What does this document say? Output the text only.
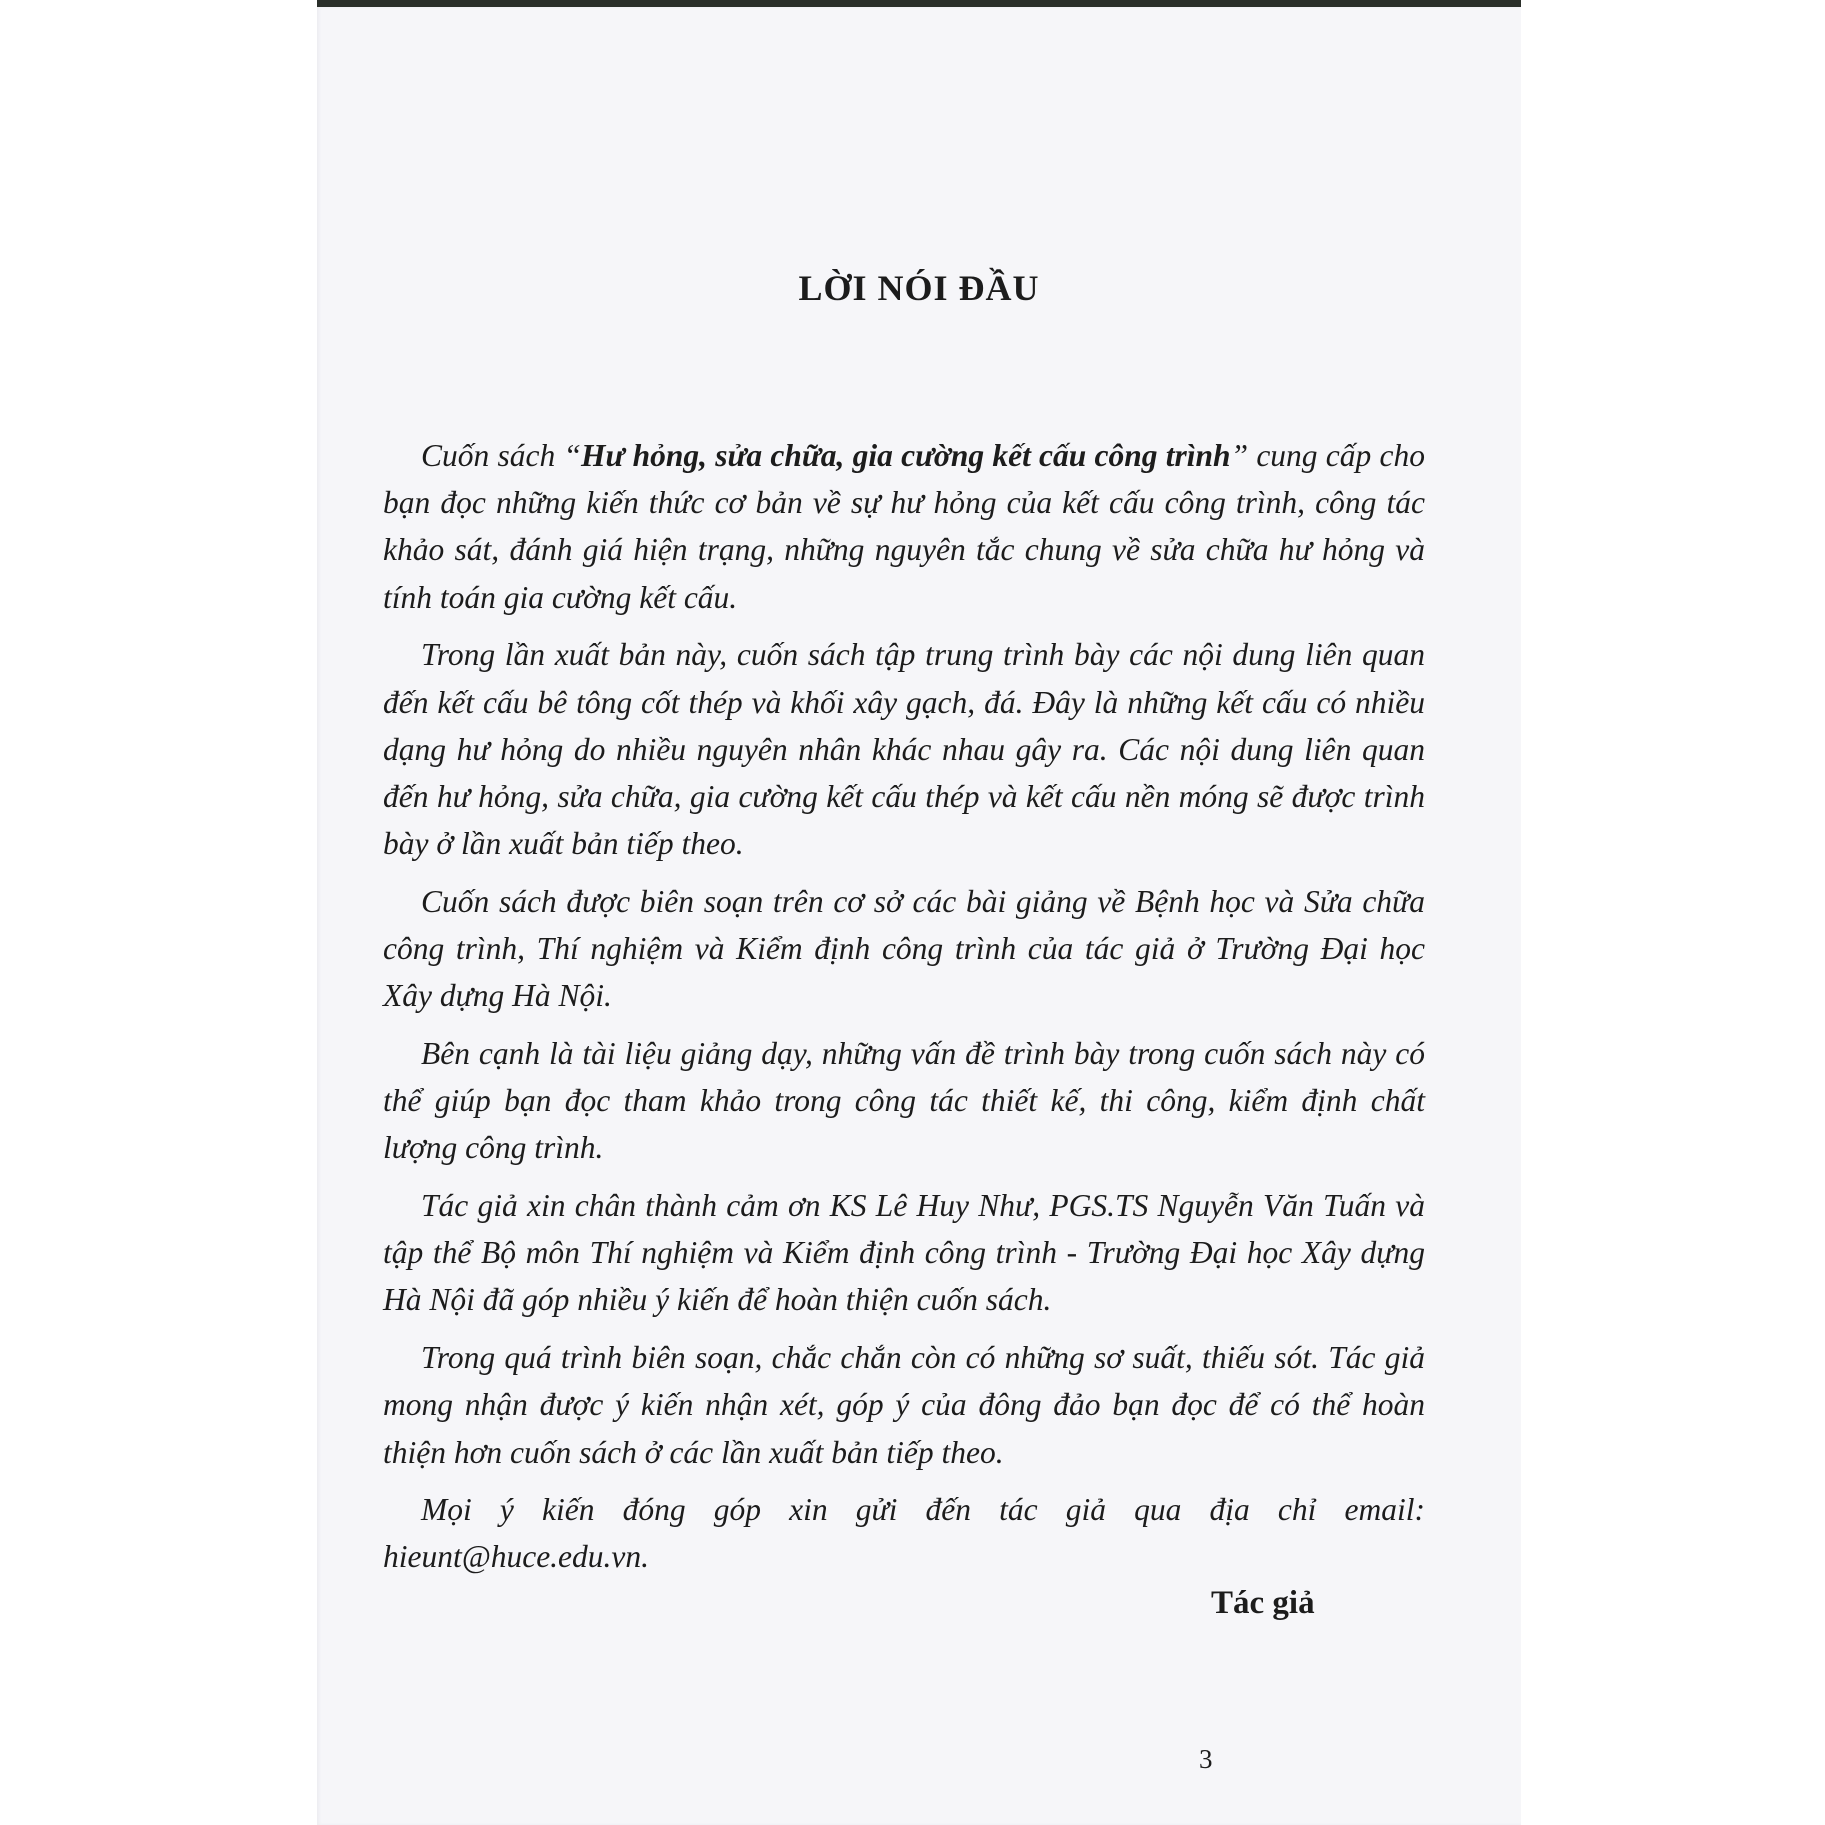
LỜI NÓI ĐẦU

Cuốn sách “Hư hỏng, sửa chữa, gia cường kết cấu công trình” cung cấp cho bạn đọc những kiến thức cơ bản về sự hư hỏng của kết cấu công trình, công tác khảo sát, đánh giá hiện trạng, những nguyên tắc chung về sửa chữa hư hỏng và tính toán gia cường kết cấu.

Trong lần xuất bản này, cuốn sách tập trung trình bày các nội dung liên quan đến kết cấu bê tông cốt thép và khối xây gạch, đá. Đây là những kết cấu có nhiều dạng hư hỏng do nhiều nguyên nhân khác nhau gây ra. Các nội dung liên quan đến hư hỏng, sửa chữa, gia cường kết cấu thép và kết cấu nền móng sẽ được trình bày ở lần xuất bản tiếp theo.

Cuốn sách được biên soạn trên cơ sở các bài giảng về Bệnh học và Sửa chữa công trình, Thí nghiệm và Kiểm định công trình của tác giả ở Trường Đại học Xây dựng Hà Nội.

Bên cạnh là tài liệu giảng dạy, những vấn đề trình bày trong cuốn sách này có thể giúp bạn đọc tham khảo trong công tác thiết kế, thi công, kiểm định chất lượng công trình.

Tác giả xin chân thành cảm ơn KS Lê Huy Như, PGS.TS Nguyễn Văn Tuấn và tập thể Bộ môn Thí nghiệm và Kiểm định công trình - Trường Đại học Xây dựng Hà Nội đã góp nhiều ý kiến để hoàn thiện cuốn sách.

Trong quá trình biên soạn, chắc chắn còn có những sơ suất, thiếu sót. Tác giả mong nhận được ý kiến nhận xét, góp ý của đông đảo bạn đọc để có thể hoàn thiện hơn cuốn sách ở các lần xuất bản tiếp theo.

Mọi ý kiến đóng góp xin gửi đến tác giả qua địa chỉ email: hieunt@huce.edu.vn.

Tác giả

3
